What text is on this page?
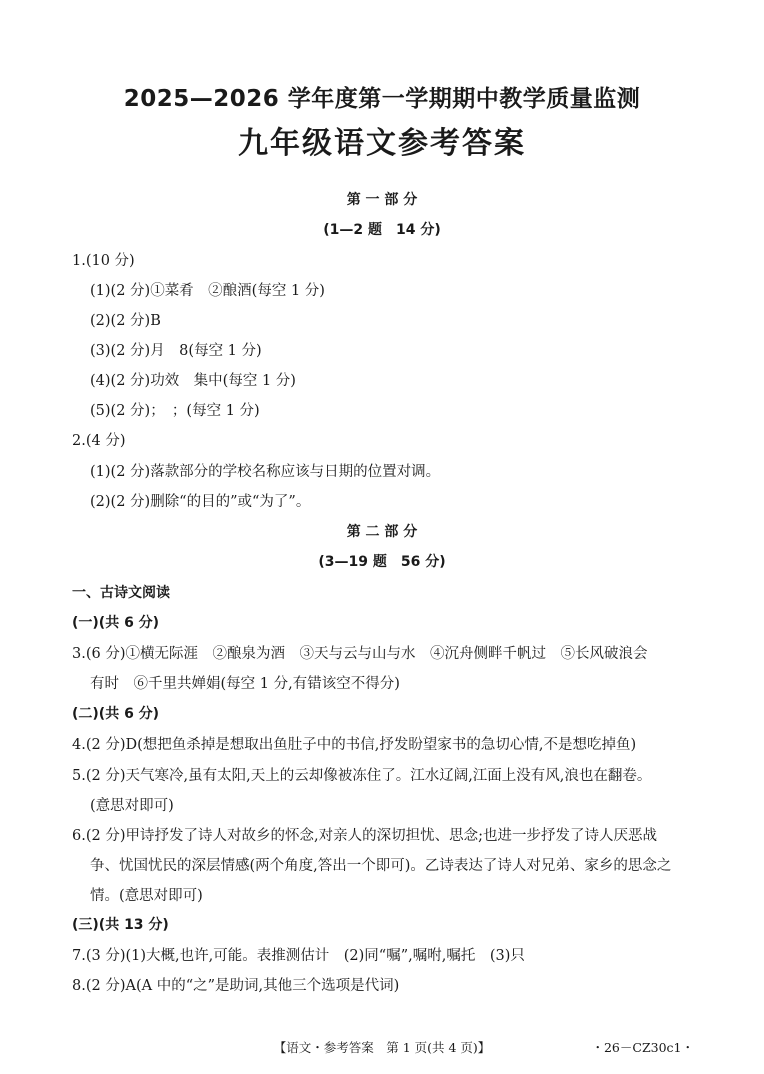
2025—2026 学年度第一学期期中教学质量监测
九年级语文参考答案
第 一 部 分
(1—2 题　14 分)
1.(10 分)
(1)(2 分)①菜肴　②酿酒(每空 1 分)
(2)(2 分)B
(3)(2 分)月　8(每空 1 分)
(4)(2 分)功效　集中(每空 1 分)
(5)(2 分)；　；(每空 1 分)
2.(4 分)
(1)(2 分)落款部分的学校名称应该与日期的位置对调。
(2)(2 分)删除“的目的”或“为了”。
第 二 部 分
(3—19 题　56 分)
一、古诗文阅读
(一)(共 6 分)
3.(6 分)①横无际涯　②酿泉为酒　③天与云与山与水　④沉舟侧畔千帆过　⑤长风破浪会
有时　⑥千里共婵娟(每空 1 分,有错该空不得分)
(二)(共 6 分)
4.(2 分)D(想把鱼杀掉是想取出鱼肚子中的书信,抒发盼望家书的急切心情,不是想吃掉鱼)
5.(2 分)天气寒冷,虽有太阳,天上的云却像被冻住了。江水辽阔,江面上没有风,浪也在翻卷。
(意思对即可)
6.(2 分)甲诗抒发了诗人对故乡的怀念,对亲人的深切担忧、思念;也进一步抒发了诗人厌恶战
争、忧国忧民的深层情感(两个角度,答出一个即可)。乙诗表达了诗人对兄弟、家乡的思念之
情。(意思对即可)
(三)(共 13 分)
7.(3 分)(1)大概,也许,可能。表推测估计　(2)同“嘱”,嘱咐,嘱托　(3)只
8.(2 分)A(A 中的“之”是助词,其他三个选项是代词)
【语文・参考答案　第 1 页(共 4 页)】	・26－CZ30c1・
